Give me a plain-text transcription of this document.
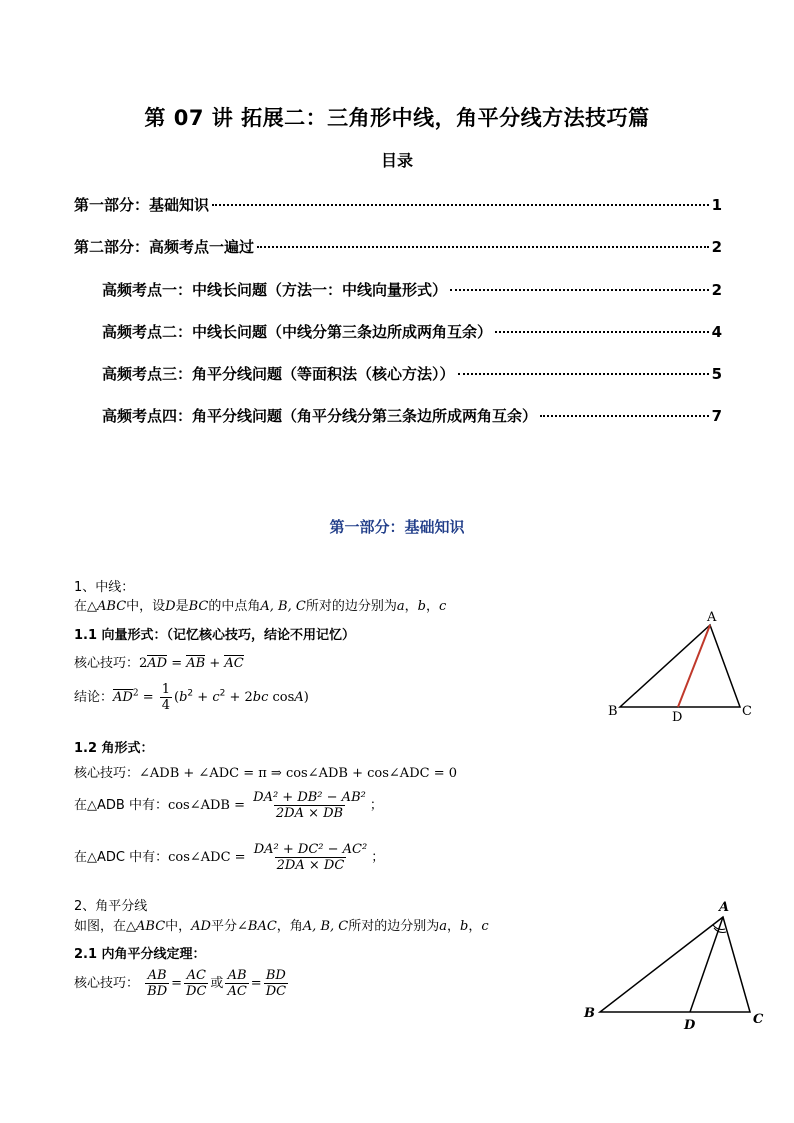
第 07 讲 拓展二：三角形中线，角平分线方法技巧篇
目录
第一部分：基础知识	1
第二部分：高频考点一遍过	2
高频考点一：中线长问题（方法一：中线向量形式）	2
高频考点二：中线长问题（中线分第三条边所成两角互余）	4
高频考点三：角平分线问题（等面积法（核心方法））	5
高频考点四：角平分线问题（角平分线分第三条边所成两角互余）	7
第一部分：基础知识
1、中线：
在△ABC中，设D是BC的中点角A, B, C所对的边分别为a，b，c
1.1 向量形式：（记忆核心技巧，结论不用记忆）
核心技巧：2AD = AB + AC
结论：$AD^2 = \frac{1}{4} (b^2 + c^2 + 2bc$ cosA)
1.2 角形式：
核心技巧：∠ADB + ∠ADC = π ⇒ cos∠ADB + cos∠ADC = 0
在△ADB 中有：cos∠ADB = $\frac{\text{DA² + DB² − AB²}}{2DA \times DB}$ ；
在△ADC 中有：cos∠ADC = $\frac{\text{DA² + DC² − AC²}}{2DA \times DC}$ ；
2、角平分线
如图，在△ABC中，AD平分∠BAC，角A, B, C所对的边分别为a，b，c
2.1 内角平分线定理：
核心技巧： $\frac{AB}{BD} = \frac{AC}{DC}$ 或 $\frac{AB}{AC} = \frac{BD}{DC}$
A
B	C
D
A
B	C
D
